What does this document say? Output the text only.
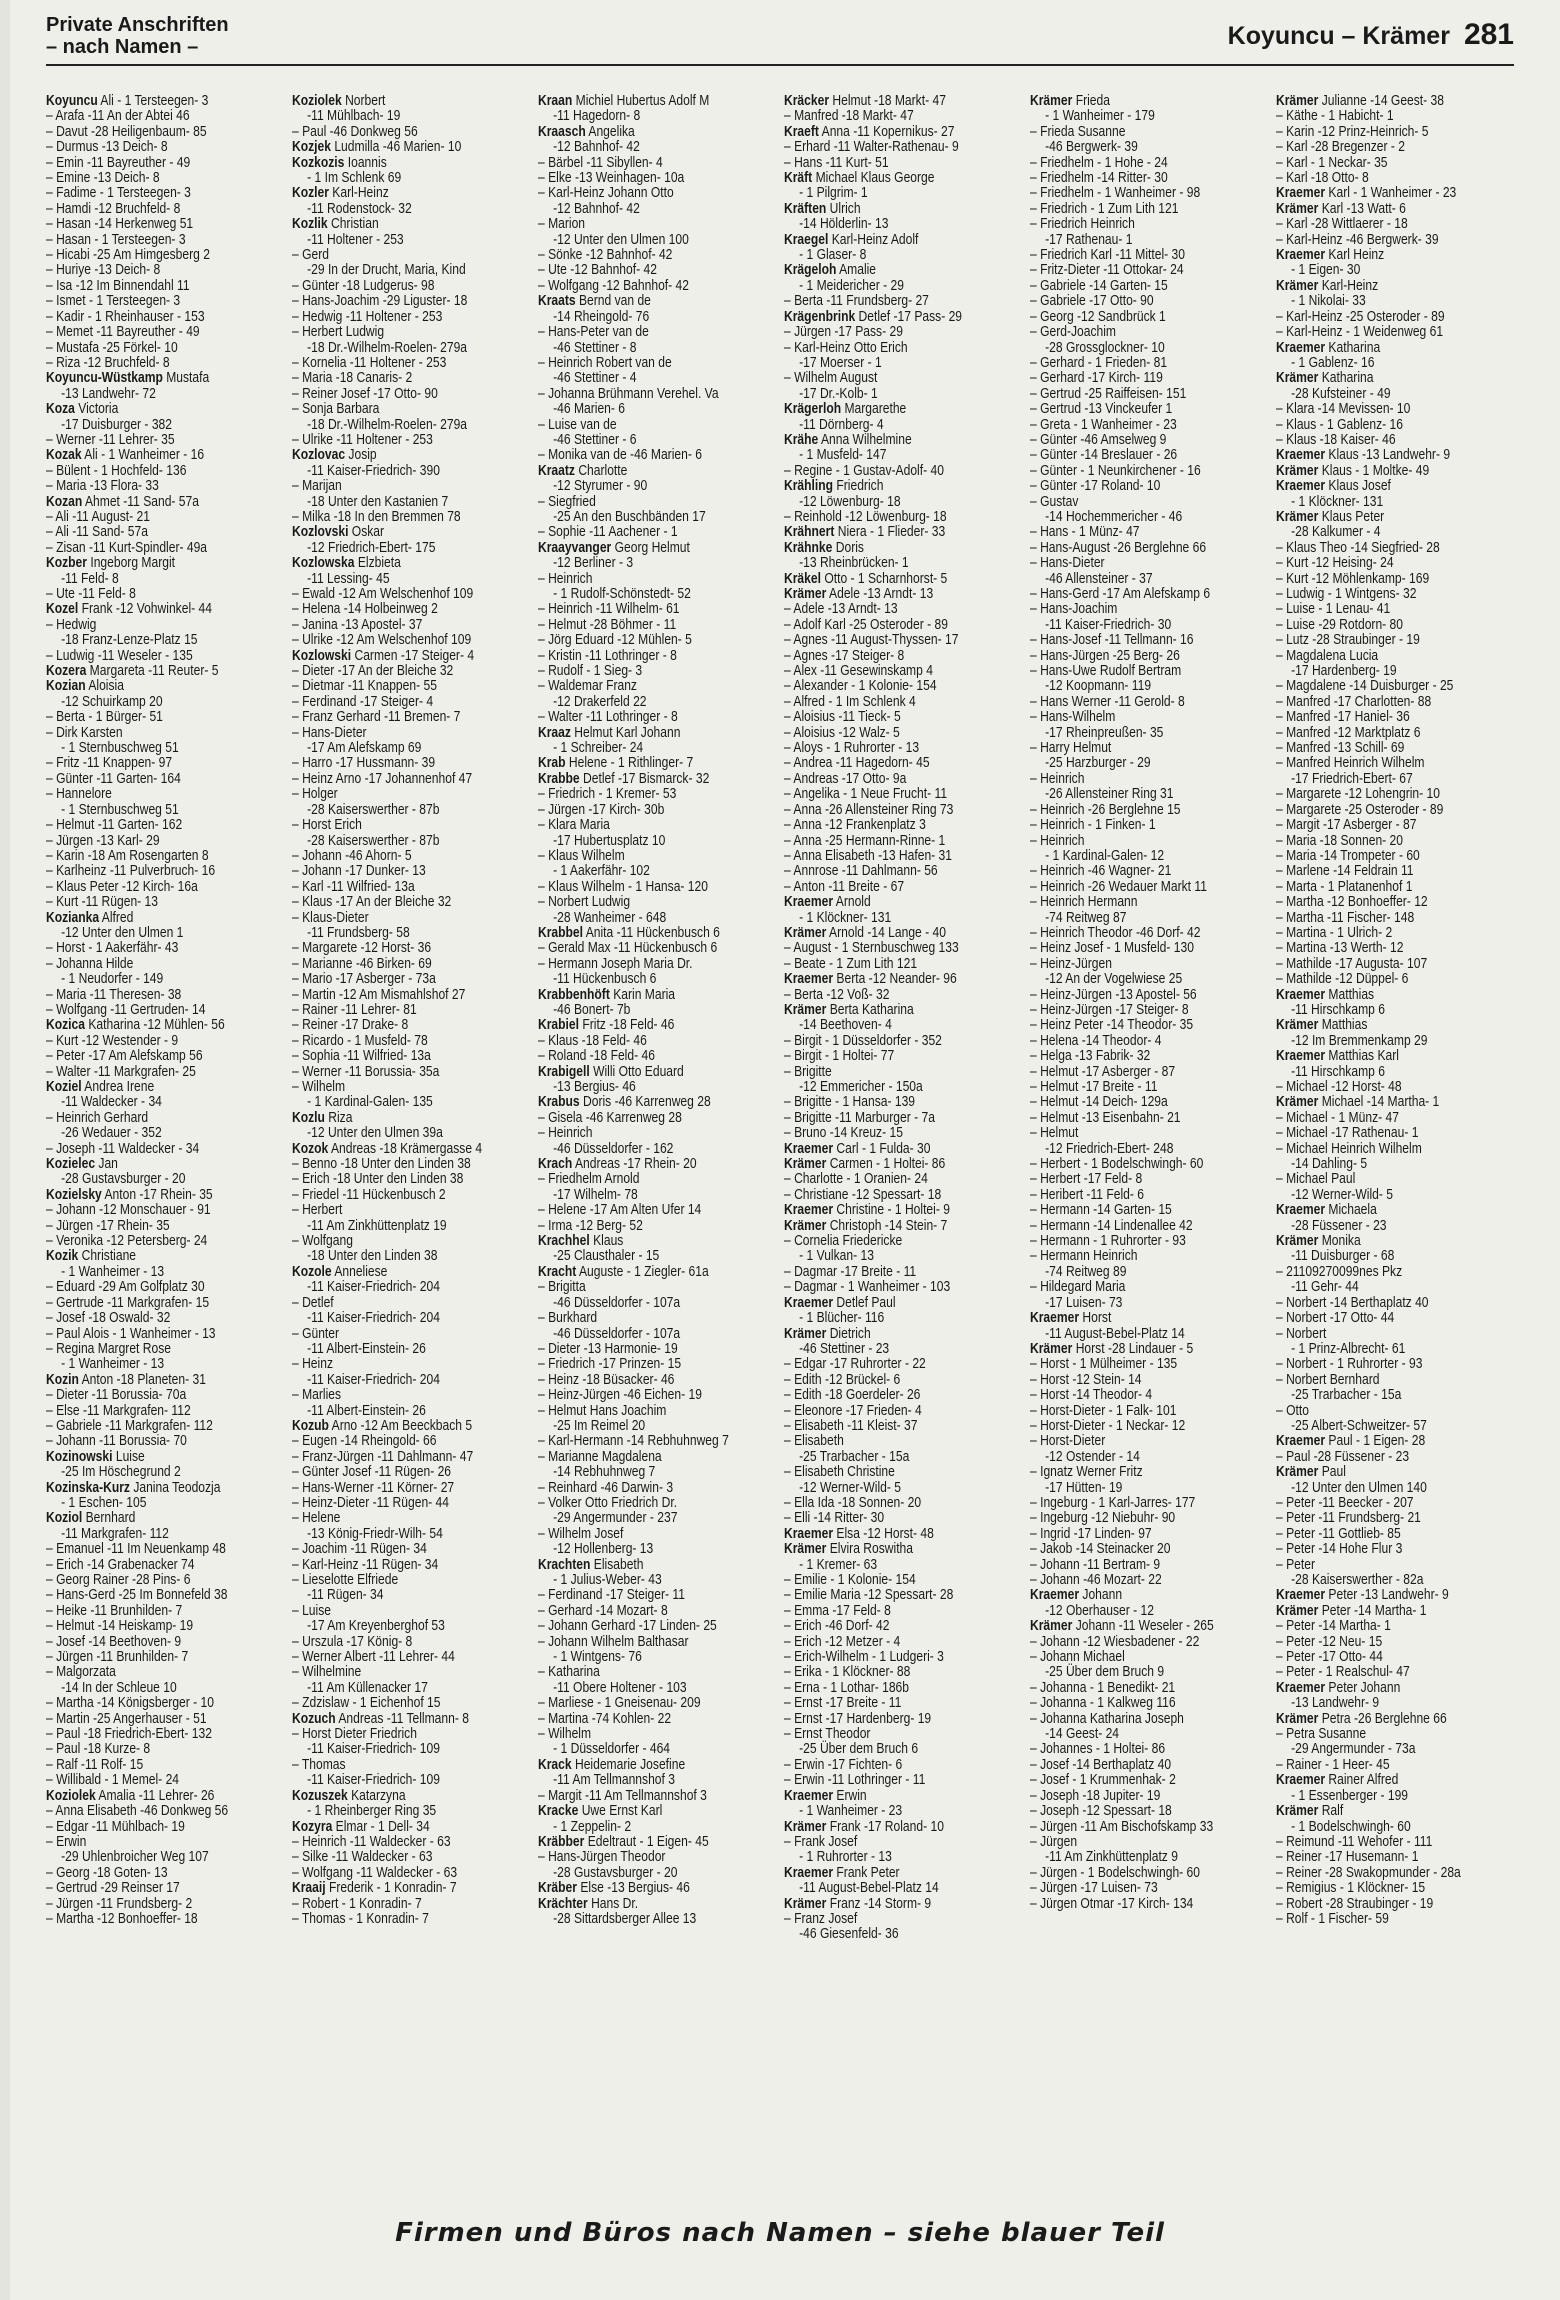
Private Anschriften
– nach Namen –	Koyuncu – Krämer 281
Koyuncu Ali - 1 Tersteegen- 3
– Arafa -11 An der Abtei 46
– Davut -28 Heiligenbaum- 85
– Durmus -13 Deich- 8
– Emin -11 Bayreuther - 49
– Emine -13 Deich- 8
– Fadime - 1 Tersteegen- 3
– Hamdi -12 Bruchfeld- 8
– Hasan -14 Herkenweg 51
– Hasan - 1 Tersteegen- 3
– Hicabi -25 Am Himgesberg 2
– Huriye -13 Deich- 8
– Isa -12 Im Binnendahl 11
– Ismet - 1 Tersteegen- 3
– Kadir - 1 Rheinhauser - 153
– Memet -11 Bayreuther - 49
– Mustafa -25 Förkel- 10
– Riza -12 Bruchfeld- 8
Koyuncu-Wüstkamp Mustafa
-13 Landwehr- 72
Koza Victoria
-17 Duisburger - 382
– Werner -11 Lehrer- 35
Kozak Ali - 1 Wanheimer - 16
– Bülent - 1 Hochfeld- 136
– Maria -13 Flora- 33
Kozan Ahmet -11 Sand- 57a
– Ali -11 August- 21
– Ali -11 Sand- 57a
– Zisan -11 Kurt-Spindler- 49a
Kozber Ingeborg Margit
-11 Feld- 8
– Ute -11 Feld- 8
Kozel Frank -12 Vohwinkel- 44
– Hedwig
-18 Franz-Lenze-Platz 15
– Ludwig -11 Weseler - 135
Kozera Margareta -11 Reuter- 5
Kozian Aloisia
-12 Schuirkamp 20
– Berta - 1 Bürger- 51
– Dirk Karsten
- 1 Sternbuschweg 51
– Fritz -11 Knappen- 97
– Günter -11 Garten- 164
– Hannelore
- 1 Sternbuschweg 51
– Helmut -11 Garten- 162
– Jürgen -13 Karl- 29
– Karin -18 Am Rosengarten 8
– Karlheinz -11 Pulverbruch- 16
– Klaus Peter -12 Kirch- 16a
– Kurt -11 Rügen- 13
Kozianka Alfred
-12 Unter den Ulmen 1
– Horst - 1 Aakerfähr- 43
– Johanna Hilde
- 1 Neudorfer - 149
– Maria -11 Theresen- 38
– Wolfgang -11 Gertruden- 14
Kozica Katharina -12 Mühlen- 56
– Kurt -12 Westender - 9
– Peter -17 Am Alefskamp 56
– Walter -11 Markgrafen- 25
Koziel Andrea Irene
-11 Waldecker - 34
– Heinrich Gerhard
-26 Wedauer - 352
– Joseph -11 Waldecker - 34
Kozielec Jan
-28 Gustavsburger - 20
Kozielsky Anton -17 Rhein- 35
– Johann -12 Monschauer - 91
– Jürgen -17 Rhein- 35
– Veronika -12 Petersberg- 24
Kozik Christiane
- 1 Wanheimer - 13
– Eduard -29 Am Golfplatz 30
– Gertrude -11 Markgrafen- 15
– Josef -18 Oswald- 32
– Paul Alois - 1 Wanheimer - 13
– Regina Margret Rose
- 1 Wanheimer - 13
Kozin Anton -18 Planeten- 31
– Dieter -11 Borussia- 70a
– Else -11 Markgrafen- 112
– Gabriele -11 Markgrafen- 112
– Johann -11 Borussia- 70
Kozinowski Luise
-25 Im Höschegrund 2
Kozinska-Kurz Janina Teodozja
- 1 Eschen- 105
Koziol Bernhard
-11 Markgrafen- 112
– Emanuel -11 Im Neuenkamp 48
– Erich -14 Grabenacker 74
– Georg Rainer -28 Pins- 6
– Hans-Gerd -25 Im Bonnefeld 38
– Heike -11 Brunhilden- 7
– Helmut -14 Heiskamp- 19
– Josef -14 Beethoven- 9
– Jürgen -11 Brunhilden- 7
– Malgorzata
-14 In der Schleue 10
– Martha -14 Königsberger - 10
– Martin -25 Angerhauser - 51
– Paul -18 Friedrich-Ebert- 132
– Paul -18 Kurze- 8
– Ralf -11 Rolf- 15
– Willibald - 1 Memel- 24
Koziolek Amalia -11 Lehrer- 26
– Anna Elisabeth -46 Donkweg 56
– Edgar -11 Mühlbach- 19
– Erwin
-29 Uhlenbroicher Weg 107
– Georg -18 Goten- 13
– Gertrud -29 Reinser 17
– Jürgen -11 Frundsberg- 2
– Martha -12 Bonhoeffer- 18
Koziolek Norbert
-11 Mühlbach- 19
– Paul -46 Donkweg 56
Kozjek Ludmilla -46 Marien- 10
Kozkozis Ioannis
- 1 Im Schlenk 69
Kozler Karl-Heinz
-11 Rodenstock- 32
Kozlik Christian
-11 Holtener - 253
– Gerd
-29 In der Drucht, Maria, Kind
– Günter -18 Ludgerus- 98
– Hans-Joachim -29 Liguster- 18
– Hedwig -11 Holtener - 253
– Herbert Ludwig
-18 Dr.-Wilhelm-Roelen- 279a
– Kornelia -11 Holtener - 253
– Maria -18 Canaris- 2
– Reiner Josef -17 Otto- 90
– Sonja Barbara
-18 Dr.-Wilhelm-Roelen- 279a
– Ulrike -11 Holtener - 253
Kozlovac Josip
-11 Kaiser-Friedrich- 390
– Marijan
-18 Unter den Kastanien 7
– Milka -18 In den Bremmen 78
Kozlovski Oskar
-12 Friedrich-Ebert- 175
Kozlowska Elzbieta
-11 Lessing- 45
– Ewald -12 Am Welschenhof 109
– Helena -14 Holbeinweg 2
– Janina -13 Apostel- 37
– Ulrike -12 Am Welschenhof 109
Kozlowski Carmen -17 Steiger- 4
– Dieter -17 An der Bleiche 32
– Dietmar -11 Knappen- 55
– Ferdinand -17 Steiger- 4
– Franz Gerhard -11 Bremen- 7
– Hans-Dieter
-17 Am Alefskamp 69
– Harro -17 Hussmann- 39
– Heinz Arno -17 Johannenhof 47
– Holger
-28 Kaiserswerther - 87b
– Horst Erich
-28 Kaiserswerther - 87b
– Johann -46 Ahorn- 5
– Johann -17 Dunker- 13
– Karl -11 Wilfried- 13a
– Klaus -17 An der Bleiche 32
– Klaus-Dieter
-11 Frundsberg- 58
– Margarete -12 Horst- 36
– Marianne -46 Birken- 69
– Mario -17 Asberger - 73a
– Martin -12 Am Mismahlshof 27
– Rainer -11 Lehrer- 81
– Reiner -17 Drake- 8
– Ricardo - 1 Musfeld- 78
– Sophia -11 Wilfried- 13a
– Werner -11 Borussia- 35a
– Wilhelm
- 1 Kardinal-Galen- 135
Kozlu Riza
-12 Unter den Ulmen 39a
Kozok Andreas -18 Krämergasse 4
– Benno -18 Unter den Linden 38
– Erich -18 Unter den Linden 38
– Friedel -11 Hückenbusch 2
– Herbert
-11 Am Zinkhüttenplatz 19
– Wolfgang
-18 Unter den Linden 38
Kozole Anneliese
-11 Kaiser-Friedrich- 204
– Detlef
-11 Kaiser-Friedrich- 204
– Günter
-11 Albert-Einstein- 26
– Heinz
-11 Kaiser-Friedrich- 204
– Marlies
-11 Albert-Einstein- 26
Kozub Arno -12 Am Beeckbach 5
– Eugen -14 Rheingold- 66
– Franz-Jürgen -11 Dahlmann- 47
– Günter Josef -11 Rügen- 26
– Hans-Werner -11 Körner- 27
– Heinz-Dieter -11 Rügen- 44
– Helene
-13 König-Friedr-Wilh- 54
– Joachim -11 Rügen- 34
– Karl-Heinz -11 Rügen- 34
– Lieselotte Elfriede
-11 Rügen- 34
– Luise
-17 Am Kreyenberghof 53
– Urszula -17 König- 8
– Werner Albert -11 Lehrer- 44
– Wilhelmine
-11 Am Küllenacker 17
– Zdzislaw - 1 Eichenhof 15
Kozuch Andreas -11 Tellmann- 8
– Horst Dieter Friedrich
-11 Kaiser-Friedrich- 109
– Thomas
-11 Kaiser-Friedrich- 109
Kozuszek Katarzyna
- 1 Rheinberger Ring 35
Kozyra Elmar - 1 Dell- 34
– Heinrich -11 Waldecker - 63
– Silke -11 Waldecker - 63
– Wolfgang -11 Waldecker - 63
Kraaij Frederik - 1 Konradin- 7
– Robert - 1 Konradin- 7
– Thomas - 1 Konradin- 7
Kraan Michiel Hubertus Adolf M
-11 Hagedorn- 8
Kraasch Angelika
-12 Bahnhof- 42
– Bärbel -11 Sibyllen- 4
– Elke -13 Weinhagen- 10a
– Karl-Heinz Johann Otto
-12 Bahnhof- 42
– Marion
-12 Unter den Ulmen 100
– Sönke -12 Bahnhof- 42
– Ute -12 Bahnhof- 42
– Wolfgang -12 Bahnhof- 42
Kraats Bernd van de
-14 Rheingold- 76
– Hans-Peter van de
-46 Stettiner - 8
– Heinrich Robert van de
-46 Stettiner - 4
– Johanna Brühmann Verehel. Va
-46 Marien- 6
– Luise van de
-46 Stettiner - 6
– Monika van de -46 Marien- 6
Kraatz Charlotte
-12 Styrumer - 90
– Siegfried
-25 An den Buschbänden 17
– Sophie -11 Aachener - 1
Kraayvanger Georg Helmut
-12 Berliner - 3
– Heinrich
- 1 Rudolf-Schönstedt- 52
– Heinrich -11 Wilhelm- 61
– Helmut -28 Böhmer - 11
– Jörg Eduard -12 Mühlen- 5
– Kristin -11 Lothringer - 8
– Rudolf - 1 Sieg- 3
– Waldemar Franz
-12 Drakerfeld 22
– Walter -11 Lothringer - 8
Kraaz Helmut Karl Johann
- 1 Schreiber- 24
Krab Helene - 1 Rithlinger- 7
Krabbe Detlef -17 Bismarck- 32
– Friedrich - 1 Kremer- 53
– Jürgen -17 Kirch- 30b
– Klara Maria
-17 Hubertusplatz 10
– Klaus Wilhelm
- 1 Aakerfähr- 102
– Klaus Wilhelm - 1 Hansa- 120
– Norbert Ludwig
-28 Wanheimer - 648
Krabbel Anita -11 Hückenbusch 6
– Gerald Max -11 Hückenbusch 6
– Hermann Joseph Maria Dr.
-11 Hückenbusch 6
Krabbenhöft Karin Maria
-46 Bonert- 7b
Krabiel Fritz -18 Feld- 46
– Klaus -18 Feld- 46
– Roland -18 Feld- 46
Krabigell Willi Otto Eduard
-13 Bergius- 46
Krabus Doris -46 Karrenweg 28
– Gisela -46 Karrenweg 28
– Heinrich
-46 Düsseldorfer - 162
Krach Andreas -17 Rhein- 20
– Friedhelm Arnold
-17 Wilhelm- 78
– Helene -17 Am Alten Ufer 14
– Irma -12 Berg- 52
Krachhel Klaus
-25 Clausthaler - 15
Kracht Auguste - 1 Ziegler- 61a
– Brigitta
-46 Düsseldorfer - 107a
– Burkhard
-46 Düsseldorfer - 107a
– Dieter -13 Harmonie- 19
– Friedrich -17 Prinzen- 15
– Heinz -18 Büsacker- 46
– Heinz-Jürgen -46 Eichen- 19
– Helmut Hans Joachim
-25 Im Reimel 20
– Karl-Hermann -14 Rebhuhnweg 7
– Marianne Magdalena
-14 Rebhuhnweg 7
– Reinhard -46 Darwin- 3
– Volker Otto Friedrich Dr.
-29 Angermunder - 237
– Wilhelm Josef
-12 Hollenberg- 13
Krachten Elisabeth
- 1 Julius-Weber- 43
– Ferdinand -17 Steiger- 11
– Gerhard -14 Mozart- 8
– Johann Gerhard -17 Linden- 25
– Johann Wilhelm Balthasar
- 1 Wintgens- 76
– Katharina
-11 Obere Holtener - 103
– Marliese - 1 Gneisenau- 209
– Martina -74 Kohlen- 22
– Wilhelm
- 1 Düsseldorfer - 464
Krack Heidemarie Josefine
-11 Am Tellmannshof 3
– Margit -11 Am Tellmannshof 3
Kracke Uwe Ernst Karl
- 1 Zeppelin- 2
Kräbber Edeltraut - 1 Eigen- 45
– Hans-Jürgen Theodor
-28 Gustavsburger - 20
Kräber Else -13 Bergius- 46
Krächter Hans Dr.
-28 Sittardsberger Allee 13
Kräcker Helmut -18 Markt- 47
– Manfred -18 Markt- 47
Kraeft Anna -11 Kopernikus- 27
– Erhard -11 Walter-Rathenau- 9
– Hans -11 Kurt- 51
Kräft Michael Klaus George
- 1 Pilgrim- 1
Kräften Ulrich
-14 Hölderlin- 13
Kraegel Karl-Heinz Adolf
- 1 Glaser- 8
Krägeloh Amalie
- 1 Meidericher - 29
– Berta -11 Frundsberg- 27
Krägenbrink Detlef -17 Pass- 29
– Jürgen -17 Pass- 29
– Karl-Heinz Otto Erich
-17 Moerser - 1
– Wilhelm August
-17 Dr.-Kolb- 1
Krägerloh Margarethe
-11 Dörnberg- 4
Krähe Anna Wilhelmine
- 1 Musfeld- 147
– Regine - 1 Gustav-Adolf- 40
Krähling Friedrich
-12 Löwenburg- 18
– Reinhold -12 Löwenburg- 18
Krähnert Niera - 1 Flieder- 33
Krähnke Doris
-13 Rheinbrücken- 1
Kräkel Otto - 1 Scharnhorst- 5
Krämer Adele -13 Arndt- 13
– Adele -13 Arndt- 13
– Adolf Karl -25 Osteroder - 89
– Agnes -11 August-Thyssen- 17
– Agnes -17 Steiger- 8
– Alex -11 Gesewinskamp 4
– Alexander - 1 Kolonie- 154
– Alfred - 1 Im Schlenk 4
– Aloisius -11 Tieck- 5
– Aloisius -12 Walz- 5
– Aloys - 1 Ruhrorter - 13
– Andrea -11 Hagedorn- 45
– Andreas -17 Otto- 9a
– Angelika - 1 Neue Frucht- 11
– Anna -26 Allensteiner Ring 73
– Anna -12 Frankenplatz 3
– Anna -25 Hermann-Rinne- 1
– Anna Elisabeth -13 Hafen- 31
– Annrose -11 Dahlmann- 56
– Anton -11 Breite - 67
Kraemer Arnold
- 1 Klöckner- 131
Krämer Arnold -14 Lange - 40
– August - 1 Sternbuschweg 133
– Beate - 1 Zum Lith 121
Kraemer Berta -12 Neander- 96
– Berta -12 Voß- 32
Krämer Berta Katharina
-14 Beethoven- 4
– Birgit - 1 Düsseldorfer - 352
– Birgit - 1 Holtei- 77
– Brigitte
-12 Emmericher - 150a
– Brigitte - 1 Hansa- 139
– Brigitte -11 Marburger - 7a
– Bruno -14 Kreuz- 15
Kraemer Carl - 1 Fulda- 30
Krämer Carmen - 1 Holtei- 86
– Charlotte - 1 Oranien- 24
– Christiane -12 Spessart- 18
Kraemer Christine - 1 Holtei- 9
Krämer Christoph -14 Stein- 7
– Cornelia Friedericke
- 1 Vulkan- 13
– Dagmar -17 Breite - 11
– Dagmar - 1 Wanheimer - 103
Kraemer Detlef Paul
- 1 Blücher- 116
Krämer Dietrich
-46 Stettiner - 23
– Edgar -17 Ruhrorter - 22
– Edith -12 Brückel- 6
– Edith -18 Goerdeler- 26
– Eleonore -17 Frieden- 4
– Elisabeth -11 Kleist- 37
– Elisabeth
-25 Trarbacher - 15a
– Elisabeth Christine
-12 Werner-Wild- 5
– Ella Ida -18 Sonnen- 20
– Elli -14 Ritter- 30
Kraemer Elsa -12 Horst- 48
Krämer Elvira Roswitha
- 1 Kremer- 63
– Emilie - 1 Kolonie- 154
– Emilie Maria -12 Spessart- 28
– Emma -17 Feld- 8
– Erich -46 Dorf- 42
– Erich -12 Metzer - 4
– Erich-Wilhelm - 1 Ludgeri- 3
– Erika - 1 Klöckner- 88
– Erna - 1 Lothar- 186b
– Ernst -17 Breite - 11
– Ernst -17 Hardenberg- 19
– Ernst Theodor
-25 Über dem Bruch 6
– Erwin -17 Fichten- 6
– Erwin -11 Lothringer - 11
Kraemer Erwin
- 1 Wanheimer - 23
Krämer Frank -17 Roland- 10
– Frank Josef
- 1 Ruhrorter - 13
Kraemer Frank Peter
-11 August-Bebel-Platz 14
Krämer Franz -14 Storm- 9
– Franz Josef
-46 Giesenfeld- 36
Krämer Frieda
- 1 Wanheimer - 179
– Frieda Susanne
-46 Bergwerk- 39
– Friedhelm - 1 Hohe - 24
– Friedhelm -14 Ritter- 30
– Friedhelm - 1 Wanheimer - 98
– Friedrich - 1 Zum Lith 121
– Friedrich Heinrich
-17 Rathenau- 1
– Friedrich Karl -11 Mittel- 30
– Fritz-Dieter -11 Ottokar- 24
– Gabriele -14 Garten- 15
– Gabriele -17 Otto- 90
– Georg -12 Sandbrück 1
– Gerd-Joachim
-28 Grossglockner- 10
– Gerhard - 1 Frieden- 81
– Gerhard -17 Kirch- 119
– Gertrud -25 Raiffeisen- 151
– Gertrud -13 Vinckeufer 1
– Greta - 1 Wanheimer - 23
– Günter -46 Amselweg 9
– Günter -14 Breslauer - 26
– Günter - 1 Neunkirchener - 16
– Günter -17 Roland- 10
– Gustav
-14 Hochemmericher - 46
– Hans - 1 Münz- 47
– Hans-August -26 Berglehne 66
– Hans-Dieter
-46 Allensteiner - 37
– Hans-Gerd -17 Am Alefskamp 6
– Hans-Joachim
-11 Kaiser-Friedrich- 30
– Hans-Josef -11 Tellmann- 16
– Hans-Jürgen -25 Berg- 26
– Hans-Uwe Rudolf Bertram
-12 Koopmann- 119
– Hans Werner -11 Gerold- 8
– Hans-Wilhelm
-17 Rheinpreußen- 35
– Harry Helmut
-25 Harzburger - 29
– Heinrich
-26 Allensteiner Ring 31
– Heinrich -26 Berglehne 15
– Heinrich - 1 Finken- 1
– Heinrich
- 1 Kardinal-Galen- 12
– Heinrich -46 Wagner- 21
– Heinrich -26 Wedauer Markt 11
– Heinrich Hermann
-74 Reitweg 87
– Heinrich Theodor -46 Dorf- 42
– Heinz Josef - 1 Musfeld- 130
– Heinz-Jürgen
-12 An der Vogelwiese 25
– Heinz-Jürgen -13 Apostel- 56
– Heinz-Jürgen -17 Steiger- 8
– Heinz Peter -14 Theodor- 35
– Helena -14 Theodor- 4
– Helga -13 Fabrik- 32
– Helmut -17 Asberger - 87
– Helmut -17 Breite - 11
– Helmut -14 Deich- 129a
– Helmut -13 Eisenbahn- 21
– Helmut
-12 Friedrich-Ebert- 248
– Herbert - 1 Bodelschwingh- 60
– Herbert -17 Feld- 8
– Heribert -11 Feld- 6
– Hermann -14 Garten- 15
– Hermann -14 Lindenallee 42
– Hermann - 1 Ruhrorter - 93
– Hermann Heinrich
-74 Reitweg 89
– Hildegard Maria
-17 Luisen- 73
Kraemer Horst
-11 August-Bebel-Platz 14
Krämer Horst -28 Lindauer - 5
– Horst - 1 Mülheimer - 135
– Horst -12 Stein- 14
– Horst -14 Theodor- 4
– Horst-Dieter - 1 Falk- 101
– Horst-Dieter - 1 Neckar- 12
– Horst-Dieter
-12 Ostender - 14
– Ignatz Werner Fritz
-17 Hütten- 19
– Ingeburg - 1 Karl-Jarres- 177
– Ingeburg -12 Niebuhr- 90
– Ingrid -17 Linden- 97
– Jakob -14 Steinacker 20
– Johann -11 Bertram- 9
– Johann -46 Mozart- 22
Kraemer Johann
-12 Oberhauser - 12
Krämer Johann -11 Weseler - 265
– Johann -12 Wiesbadener - 22
– Johann Michael
-25 Über dem Bruch 9
– Johanna - 1 Benedikt- 21
– Johanna - 1 Kalkweg 116
– Johanna Katharina Joseph
-14 Geest- 24
– Johannes - 1 Holtei- 86
– Josef -14 Berthaplatz 40
– Josef - 1 Krummenhak- 2
– Joseph -18 Jupiter- 19
– Joseph -12 Spessart- 18
– Jürgen -11 Am Bischofskamp 33
– Jürgen
-11 Am Zinkhüttenplatz 9
– Jürgen - 1 Bodelschwingh- 60
– Jürgen -17 Luisen- 73
– Jürgen Otmar -17 Kirch- 134
Krämer Julianne -14 Geest- 38
– Käthe - 1 Habicht- 1
– Karin -12 Prinz-Heinrich- 5
– Karl -28 Bregenzer - 2
– Karl - 1 Neckar- 35
– Karl -18 Otto- 8
Kraemer Karl - 1 Wanheimer - 23
Krämer Karl -13 Watt- 6
– Karl -28 Wittlaerer - 18
– Karl-Heinz -46 Bergwerk- 39
Kraemer Karl Heinz
- 1 Eigen- 30
Krämer Karl-Heinz
- 1 Nikolai- 33
– Karl-Heinz -25 Osteroder - 89
– Karl-Heinz - 1 Weidenweg 61
Kraemer Katharina
- 1 Gablenz- 16
Krämer Katharina
-28 Kufsteiner - 49
– Klara -14 Mevissen- 10
– Klaus - 1 Gablenz- 16
– Klaus -18 Kaiser- 46
Kraemer Klaus -13 Landwehr- 9
Krämer Klaus - 1 Moltke- 49
Kraemer Klaus Josef
- 1 Klöckner- 131
Krämer Klaus Peter
-28 Kalkumer - 4
– Klaus Theo -14 Siegfried- 28
– Kurt -12 Heising- 24
– Kurt -12 Möhlenkamp- 169
– Ludwig - 1 Wintgens- 32
– Luise - 1 Lenau- 41
– Luise -29 Rotdorn- 80
– Lutz -28 Straubinger - 19
– Magdalena Lucia
-17 Hardenberg- 19
– Magdalene -14 Duisburger - 25
– Manfred -17 Charlotten- 88
– Manfred -17 Haniel- 36
– Manfred -12 Marktplatz 6
– Manfred -13 Schill- 69
– Manfred Heinrich Wilhelm
-17 Friedrich-Ebert- 67
– Margarete -12 Lohengrin- 10
– Margarete -25 Osteroder - 89
– Margit -17 Asberger - 87
– Maria -18 Sonnen- 20
– Maria -14 Trompeter - 60
– Marlene -14 Feldrain 11
– Marta - 1 Platanenhof 1
– Martha -12 Bonhoeffer- 12
– Martha -11 Fischer- 148
– Martina - 1 Ulrich- 2
– Martina -13 Werth- 12
– Mathilde -17 Augusta- 107
– Mathilde -12 Düppel- 6
Kraemer Matthias
-11 Hirschkamp 6
Krämer Matthias
-12 Im Bremmenkamp 29
Kraemer Matthias Karl
-11 Hirschkamp 6
– Michael -12 Horst- 48
Krämer Michael -14 Martha- 1
– Michael - 1 Münz- 47
– Michael -17 Rathenau- 1
– Michael Heinrich Wilhelm
-14 Dahling- 5
– Michael Paul
-12 Werner-Wild- 5
Kraemer Michaela
-28 Füssener - 23
Krämer Monika
-11 Duisburger - 68
– 21109270099nes Pkz
-11 Gehr- 44
– Norbert -14 Berthaplatz 40
– Norbert -17 Otto- 44
– Norbert
- 1 Prinz-Albrecht- 61
– Norbert - 1 Ruhrorter - 93
– Norbert Bernhard
-25 Trarbacher - 15a
– Otto
-25 Albert-Schweitzer- 57
Kraemer Paul - 1 Eigen- 28
– Paul -28 Füssener - 23
Krämer Paul
-12 Unter den Ulmen 140
– Peter -11 Beecker - 207
– Peter -11 Frundsberg- 21
– Peter -11 Gottlieb- 85
– Peter -14 Hohe Flur 3
– Peter
-28 Kaiserswerther - 82a
Kraemer Peter -13 Landwehr- 9
Krämer Peter -14 Martha- 1
– Peter -14 Martha- 1
– Peter -12 Neu- 15
– Peter -17 Otto- 44
– Peter - 1 Realschul- 47
Kraemer Peter Johann
-13 Landwehr- 9
Krämer Petra -26 Berglehne 66
– Petra Susanne
-29 Angermunder - 73a
– Rainer - 1 Heer- 45
Kraemer Rainer Alfred
- 1 Essenberger - 199
Krämer Ralf
- 1 Bodelschwingh- 60
– Reimund -11 Wehofer - 111
– Reiner -17 Husemann- 1
– Reiner -28 Swakopmunder - 28a
– Remigius - 1 Klöckner- 15
– Robert -28 Straubinger - 19
– Rolf - 1 Fischer- 59
Firmen und Büros nach Namen – siehe blauer Teil
